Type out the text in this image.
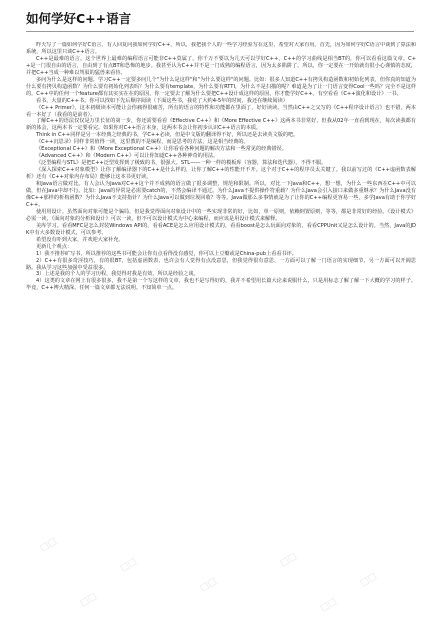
如何学好C++语言

昨天写了一篇如何学好C语言，有人回复问我如何学好C++，所以，我把我个人的一些学习经验写在这里，希望对大家有用。首先，因为如何学好C语言中谈到了算法和系统，所以这里只谈C++语言。

C++是最难的语言。这个世界上最难的编程语言可能非C++莫属了。你千万不要以为几天可以学好C++，C++的学习曲线是相当BT的，你可以看看这篇文章。C++是一门很自由的语言，自由到了有点BT和恐怖的地步。我甚至认为C++并不是一门成熟的编程语言，因为太多陷阱了。所以，你一定要在一开始就有很小心谨慎的态度，并把C++当成一种难以驾驭的猛兽来看待。

多问为什么是这样的问题。学习C++一定要多问几个"为什么是这样"和"为什么要这样"的问题。比如：很多人知道C++有拷贝构造函数和初始化列表，但你真的知道为什么要有拷贝构造函数？为什么要有初始化列表吗？为什么要有template，为什么要有RTTI，为什么不是扫描的呢？难道是为了让一门语言变得Cool一些吗？完全不是这样的，C++中的任何一个feature都有其实实在在的原因，你一定要去了解为什么要把C++设计成这样的原因，你才能学好C++。有空看看《C++演化和设计》一书。

看书，大量的C++书。你可以找如下先后顺序阅读（下面这些书，我花了大约4-5年的时间，我还在继续阅读）

《C++ Primer》，这本初级读本可能让会你痛得很痛苦，所有的语言的特性和功能都在里面了，好好读读。当然由C++之父写的《C++程序设计语言》也不错，两本看一本好了（我看的是前者）。

了解C++的语法仅仅是万里长征的第一步，你还需要看看《Effective C++》和《More Effective C++》这两本书非常好，但我从02年一直看到现在，每次读我都有新的体会，这两本书一定要看完。如果你对C++语言本身，这两本书会让你初步认识C++语言的本质。

Think in C++同样是另一本经典之经典的书，学C++必读，但是中文版的翻译得不好，所以还是去读英文版的吧。

《C++沉思录》同样非常值得一读，这里教的不是编程，而是思考的方法，这是相当经典的。

《Exceptional C++》和《More Exceptional C++》让你看看各种问题的解决方法和一些常见的经典错误。

《Advanced C++》和《Modern C++》可以让你知道C++各种神奇的用法。

《泛型编程与STL》是把C++泛型发挥到了极致的书，很强大。STL——一种一样的模板库（容器，算法和迭代器）。不得不服。

《深入探索C++对象模型》让你了解编译器下的C++是什么样的，让你了解C++的性能开不开。这个对于C++的程序员太关键了。我以前写过的《C++虚函数表解析》还有《C++对象内存布局》能够让这本书更好读。

和Java语言做对比。有人会认为Java对C++这个并不成熟的语言做了很多调整，规范和限制。所以，对比一下Java和C++，想一想，为什么一些东西在C++中可以做，但在Java中却不行。比如：Java的异常是必需要catch的，不然会编译不通过。为什么Java不提供操作符重载？为什么Java会引入接口来做多重继承？为什么Java没有像C++那样的析构函数？为什么Java不支持指针？为什么Java可以做到垃圾回收？等等。Java做那么多事情就是为了让你的C++编程更容易一些，多学Java有助于你学好C++。

使用用设计。虽然面向对象可能是个骗局，但是我觉得面向对象设计中的一些实现非常的好，比如，单一原则，依赖倒置原则，等等，都是非常好的经验。《设计模式》必需一读，《面向对象的分析和设计》可以一读。但不可以设计模式为中心来编程，而应该是用设计模式来解释。

美库学习。看看MFC是怎么封装Windows API的，看看ACE是怎么应用设计模式的，看看boost是怎么玩面向对象的，看看CPPUnit又是怎么设计的。当然，Java的JDK中有大多数设计模式，可以参考。

希望没有吓到大家，并欢迎大家补充。

更新几个观点：

1）我不推荐矿写书，所以推荐的这些书可能会让你有点看得没有感觉，你可以上豆瓣或是China-pub上看看书评。

2）C++有很多奇淫技巧，有的很BT，包括虚函数表，也许会有人觉得有点没意思，但我觉得很有意思，一方面可以了解一门语言的实现细节，另一方面可以开阔思路。我从学习这些加强中受益很多。

3）上述是我的个人的学习历程，我觉得对我是有效，所以是经验之谈。

4）这类的文章在网上有很多很多，我不是第一个写这样的文章，我也不是写得好的，我并不希望用长篇大论来说服什么，只是用标志了解了解一下大概的学习的样子。毕竟，C++博大精深，任何一篇文章都无法说明。不知简单一点。

□□
□□
□□
□□
□□
□□	□□
